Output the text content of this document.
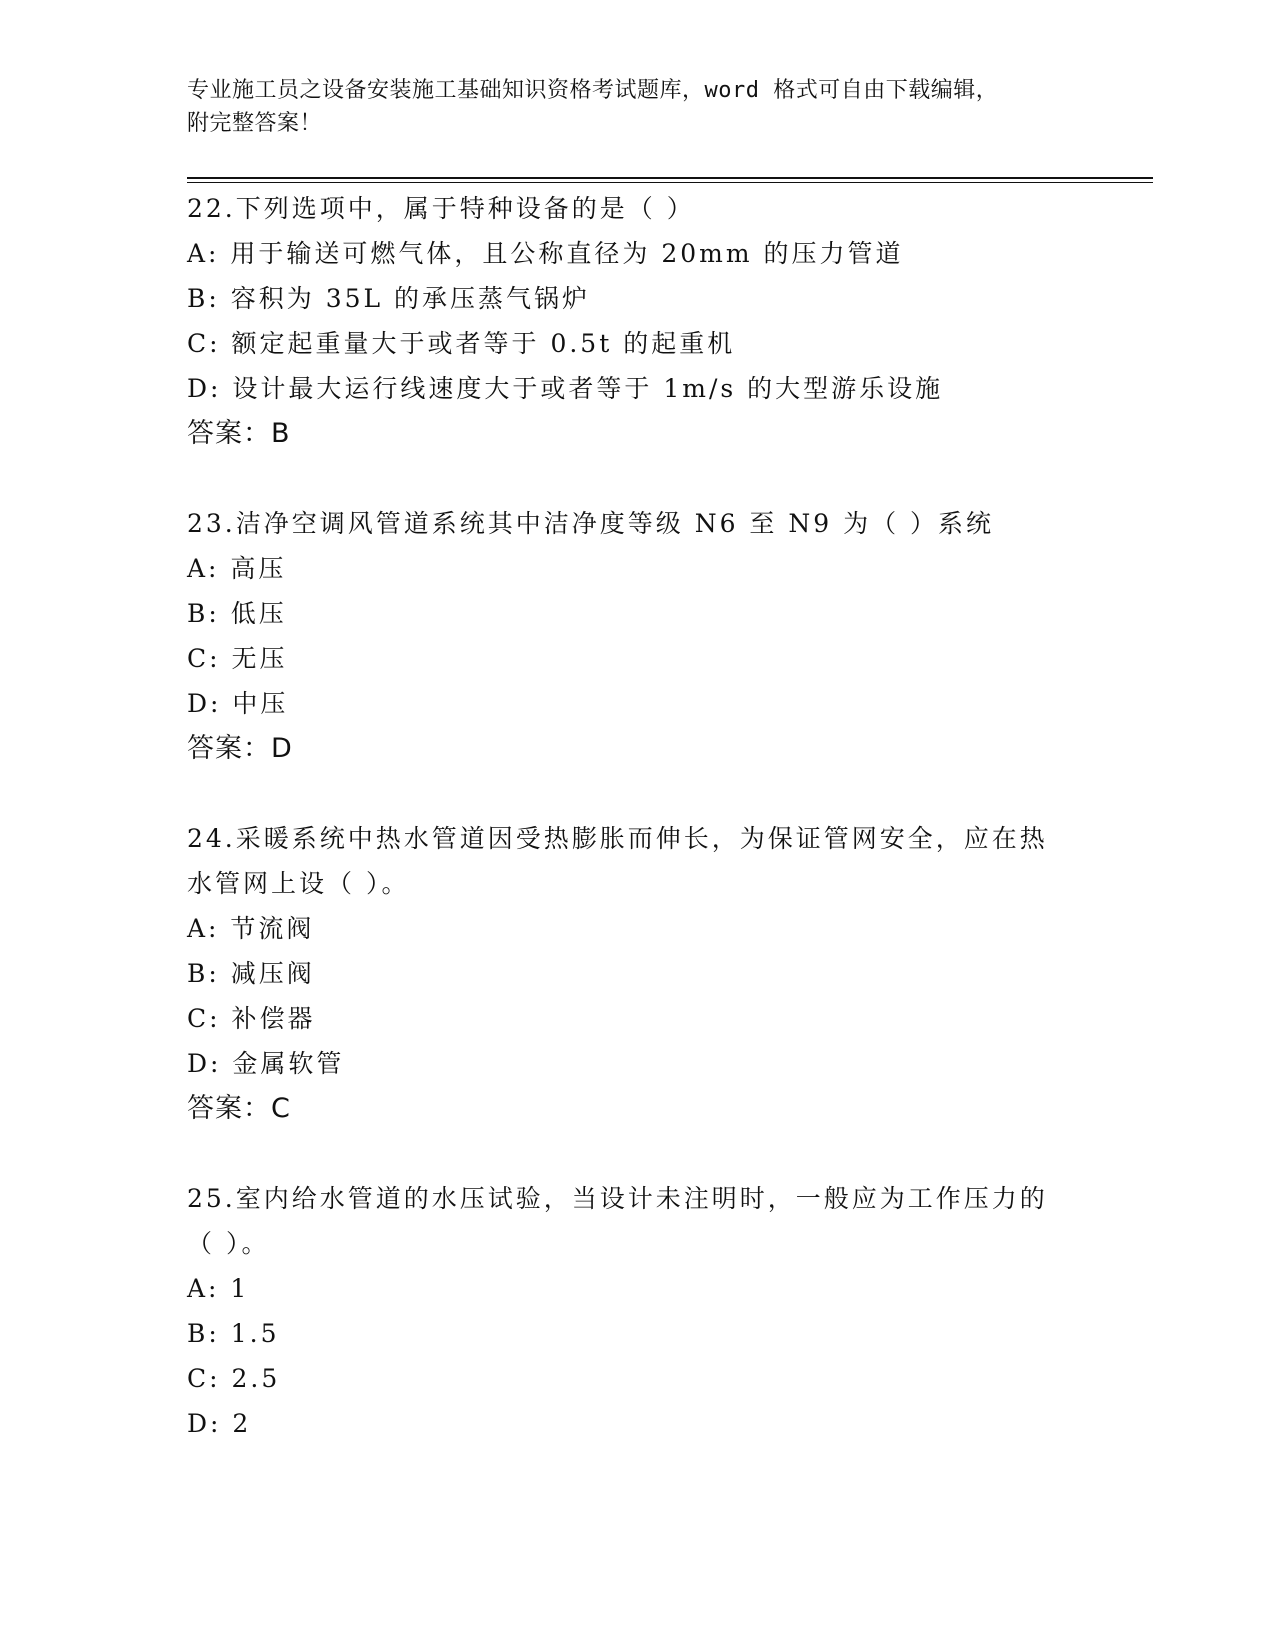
专业施工员之设备安装施工基础知识资格考试题库，word 格式可自由下载编辑，
附完整答案！
22.下列选项中，属于特种设备的是（ ）
A: 用于输送可燃气体，且公称直径为 20mm 的压力管道
B: 容积为 35L 的承压蒸气锅炉
C: 额定起重量大于或者等于 0.5t 的起重机
D: 设计最大运行线速度大于或者等于 1m/s 的大型游乐设施
答案：B
23.洁净空调风管道系统其中洁净度等级 N6 至 N9 为（ ）系统
A: 高压
B: 低压
C: 无压
D: 中压
答案：D
24.采暖系统中热水管道因受热膨胀而伸长，为保证管网安全，应在热
水管网上设（ ）。
A: 节流阀
B: 减压阀
C: 补偿器
D: 金属软管
答案：C
25.室内给水管道的水压试验，当设计未注明时，一般应为工作压力的
（ ）。
A: 1
B: 1.5
C: 2.5
D: 2
